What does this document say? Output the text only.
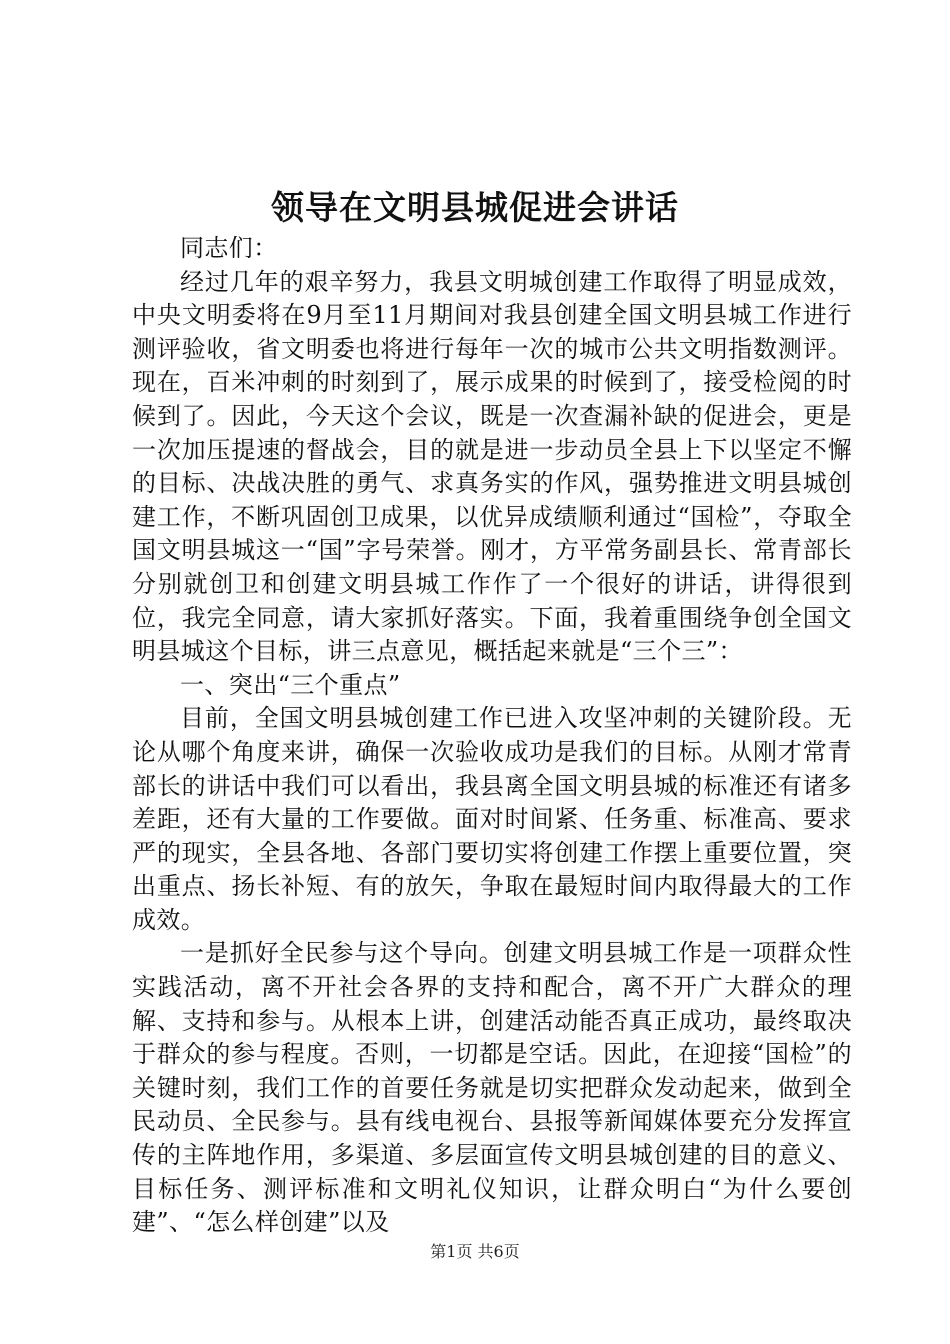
领导在文明县城促进会讲话

同志们：

经过几年的艰辛努力，我县文明城创建工作取得了明显成效，中央文明委将在9月至11月期间对我县创建全国文明县城工作进行测评验收，省文明委也将进行每年一次的城市公共文明指数测评。现在，百米冲刺的时刻到了，展示成果的时候到了，接受检阅的时候到了。因此，今天这个会议，既是一次查漏补缺的促进会，更是一次加压提速的督战会，目的就是进一步动员全县上下以坚定不懈的目标、决战决胜的勇气、求真务实的作风，强势推进文明县城创建工作，不断巩固创卫成果，以优异成绩顺利通过“国检”，夺取全国文明县城这一“国”字号荣誉。刚才，方平常务副县长、常青部长分别就创卫和创建文明县城工作作了一个很好的讲话，讲得很到位，我完全同意，请大家抓好落实。下面，我着重围绕争创全国文明县城这个目标，讲三点意见，概括起来就是“三个三”：

一、突出“三个重点”

目前，全国文明县城创建工作已进入攻坚冲刺的关键阶段。无论从哪个角度来讲，确保一次验收成功是我们的目标。从刚才常青部长的讲话中我们可以看出，我县离全国文明县城的标准还有诸多差距，还有大量的工作要做。面对时间紧、任务重、标准高、要求严的现实，全县各地、各部门要切实将创建工作摆上重要位置，突出重点、扬长补短、有的放矢，争取在最短时间内取得最大的工作成效。

一是抓好全民参与这个导向。创建文明县城工作是一项群众性实践活动，离不开社会各界的支持和配合，离不开广大群众的理解、支持和参与。从根本上讲，创建活动能否真正成功，最终取决于群众的参与程度。否则，一切都是空话。因此，在迎接“国检”的关键时刻，我们工作的首要任务就是切实把群众发动起来，做到全民动员、全民参与。县有线电视台、县报等新闻媒体要充分发挥宣传的主阵地作用，多渠道、多层面宣传文明县城创建的目的意义、目标任务、测评标准和文明礼仪知识，让群众明白“为什么要创建”、“怎么样创建”以及

第1页 共6页
